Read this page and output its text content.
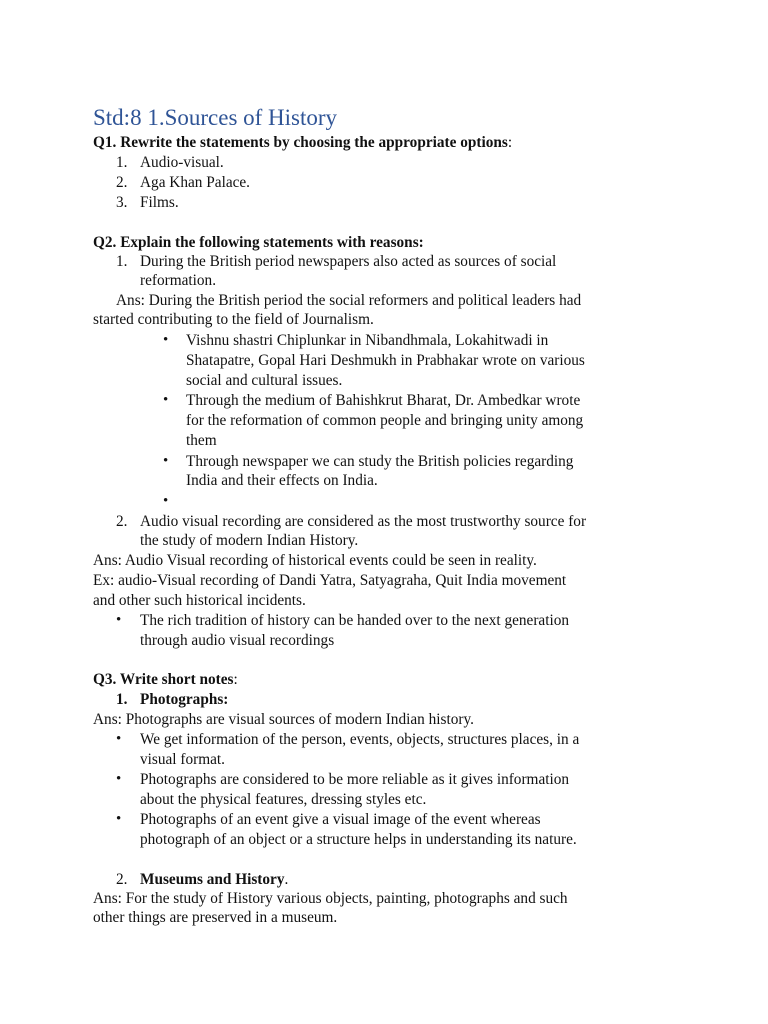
Std:8 1.Sources of History
Q1. Rewrite the statements by choosing the appropriate options:
1. Audio-visual.
2. Aga Khan Palace.
3. Films.
Q2. Explain the following statements with reasons:
1. During the British period newspapers also acted as sources of social
reformation.
Ans: During the British period the social reformers and political leaders had
started contributing to the field of Journalism.
• Vishnu shastri Chiplunkar in Nibandhmala, Lokahitwadi in
Shatapatre, Gopal Hari Deshmukh in Prabhakar wrote on various
social and cultural issues.
• Through the medium of Bahishkrut Bharat, Dr. Ambedkar wrote
for the reformation of common people and bringing unity among
them
• Through newspaper we can study the British policies regarding
India and their effects on India.
•
2. Audio visual recording are considered as the most trustworthy source for
the study of modern Indian History.
Ans: Audio Visual recording of historical events could be seen in reality.
Ex: audio-Visual recording of Dandi Yatra, Satyagraha, Quit India movement
and other such historical incidents.
• The rich tradition of history can be handed over to the next generation
through audio visual recordings
Q3. Write short notes:
1. Photographs:
Ans: Photographs are visual sources of modern Indian history.
• We get information of the person, events, objects, structures places, in a
visual format.
• Photographs are considered to be more reliable as it gives information
about the physical features, dressing styles etc.
• Photographs of an event give a visual image of the event whereas
photograph of an object or a structure helps in understanding its nature.
2. Museums and History.
Ans: For the study of History various objects, painting, photographs and such
other things are preserved in a museum.
